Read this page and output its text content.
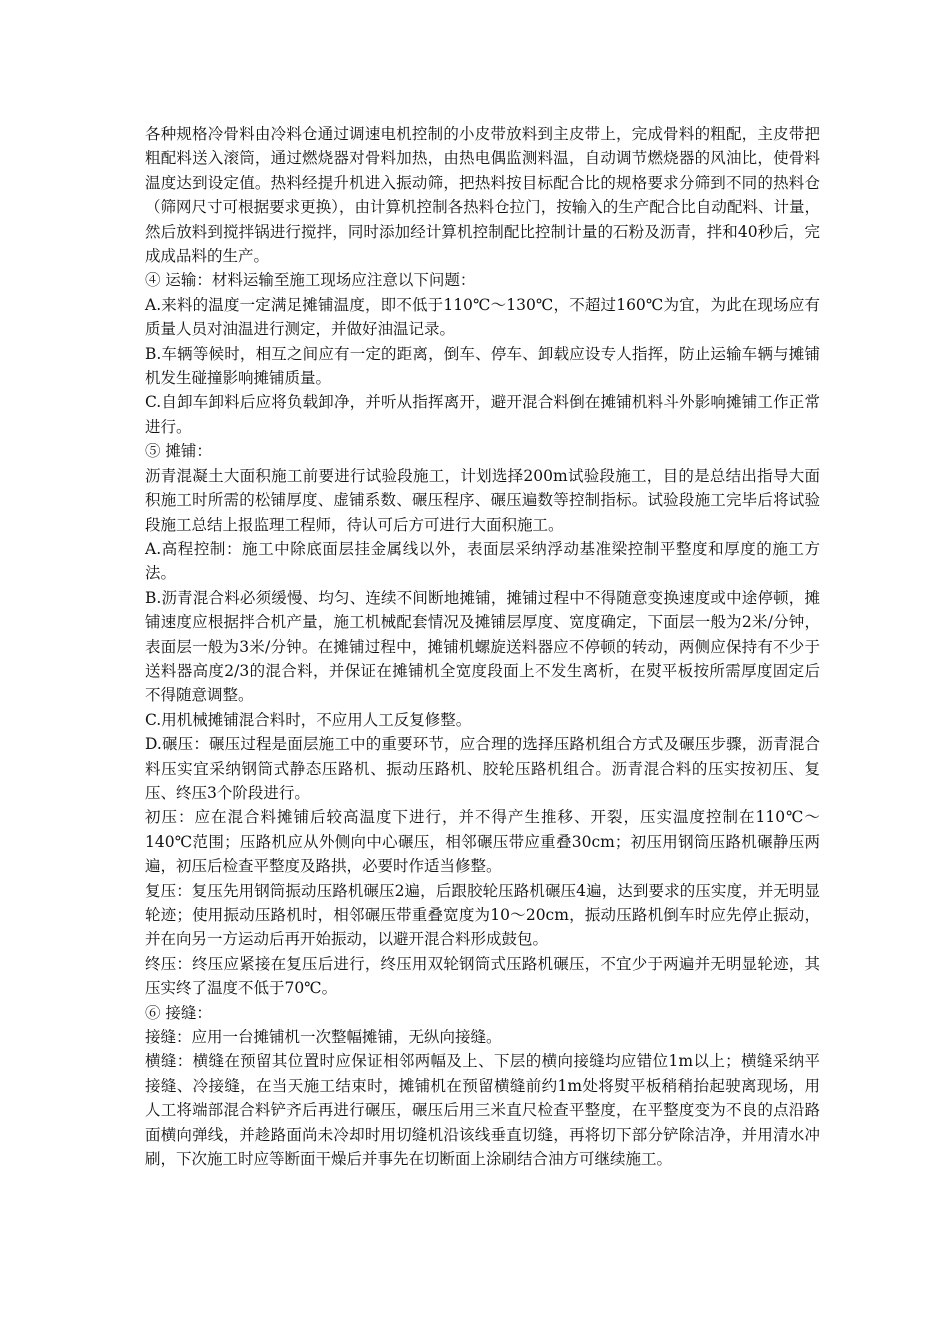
各种规格冷骨料由冷料仓通过调速电机控制的小皮带放料到主皮带上，完成骨料的粗配，主皮带把粗配料送入滚筒，通过燃烧器对骨料加热，由热电偶监测料温，自动调节燃烧器的风油比，使骨料温度达到设定值。热料经提升机进入振动筛，把热料按目标配合比的规格要求分筛到不同的热料仓（筛网尺寸可根据要求更换），由计算机控制各热料仓拉门，按输入的生产配合比自动配料、计量，然后放料到搅拌锅进行搅拌，同时添加经计算机控制配比控制计量的石粉及沥青，拌和40秒后，完成成品料的生产。

④ 运输：材料运输至施工现场应注意以下问题：

A.来料的温度一定满足摊铺温度，即不低于110℃～130℃，不超过160℃为宜，为此在现场应有质量人员对油温进行测定，并做好油温记录。

B.车辆等候时，相互之间应有一定的距离，倒车、停车、卸载应设专人指挥，防止运输车辆与摊铺机发生碰撞影响摊铺质量。

C.自卸车卸料后应将负载卸净，并听从指挥离开，避开混合料倒在摊铺机料斗外影响摊铺工作正常进行。

⑤ 摊铺：

沥青混凝土大面积施工前要进行试验段施工，计划选择200m试验段施工，目的是总结出指导大面积施工时所需的松铺厚度、虚铺系数、碾压程序、碾压遍数等控制指标。试验段施工完毕后将试验段施工总结上报监理工程师，待认可后方可进行大面积施工。

A.高程控制：施工中除底面层挂金属线以外，表面层采纳浮动基准梁控制平整度和厚度的施工方法。

B.沥青混合料必须缓慢、均匀、连续不间断地摊铺，摊铺过程中不得随意变换速度或中途停顿，摊铺速度应根据拌合机产量，施工机械配套情况及摊铺层厚度、宽度确定，下面层一般为2米/分钟，表面层一般为3米/分钟。在摊铺过程中，摊铺机螺旋送料器应不停顿的转动，两侧应保持有不少于送料器高度2/3的混合料，并保证在摊铺机全宽度段面上不发生离析，在熨平板按所需厚度固定后不得随意调整。

C.用机械摊铺混合料时，不应用人工反复修整。

D.碾压：碾压过程是面层施工中的重要环节，应合理的选择压路机组合方式及碾压步骤，沥青混合料压实宜采纳钢筒式静态压路机、振动压路机、胶轮压路机组合。沥青混合料的压实按初压、复压、终压3个阶段进行。

初压：应在混合料摊铺后较高温度下进行，并不得产生推移、开裂，压实温度控制在110℃～140℃范围；压路机应从外侧向中心碾压，相邻碾压带应重叠30cm；初压用钢筒压路机碾静压两遍，初压后检查平整度及路拱，必要时作适当修整。

复压：复压先用钢筒振动压路机碾压2遍，后跟胶轮压路机碾压4遍，达到要求的压实度，并无明显轮迹；使用振动压路机时，相邻碾压带重叠宽度为10～20cm，振动压路机倒车时应先停止振动，并在向另一方运动后再开始振动，以避开混合料形成鼓包。

终压：终压应紧接在复压后进行，终压用双轮钢筒式压路机碾压，不宜少于两遍并无明显轮迹，其压实终了温度不低于70℃。

⑥ 接缝：

接缝：应用一台摊铺机一次整幅摊铺，无纵向接缝。

横缝：横缝在预留其位置时应保证相邻两幅及上、下层的横向接缝均应错位1m以上；横缝采纳平接缝、冷接缝，在当天施工结束时，摊铺机在预留横缝前约1m处将熨平板稍稍抬起驶离现场，用人工将端部混合料铲齐后再进行碾压，碾压后用三米直尺检查平整度，在平整度变为不良的点沿路面横向弹线，并趁路面尚未冷却时用切缝机沿该线垂直切缝，再将切下部分铲除洁净，并用清水冲刷，下次施工时应等断面干燥后并事先在切断面上涂刷结合油方可继续施工。
